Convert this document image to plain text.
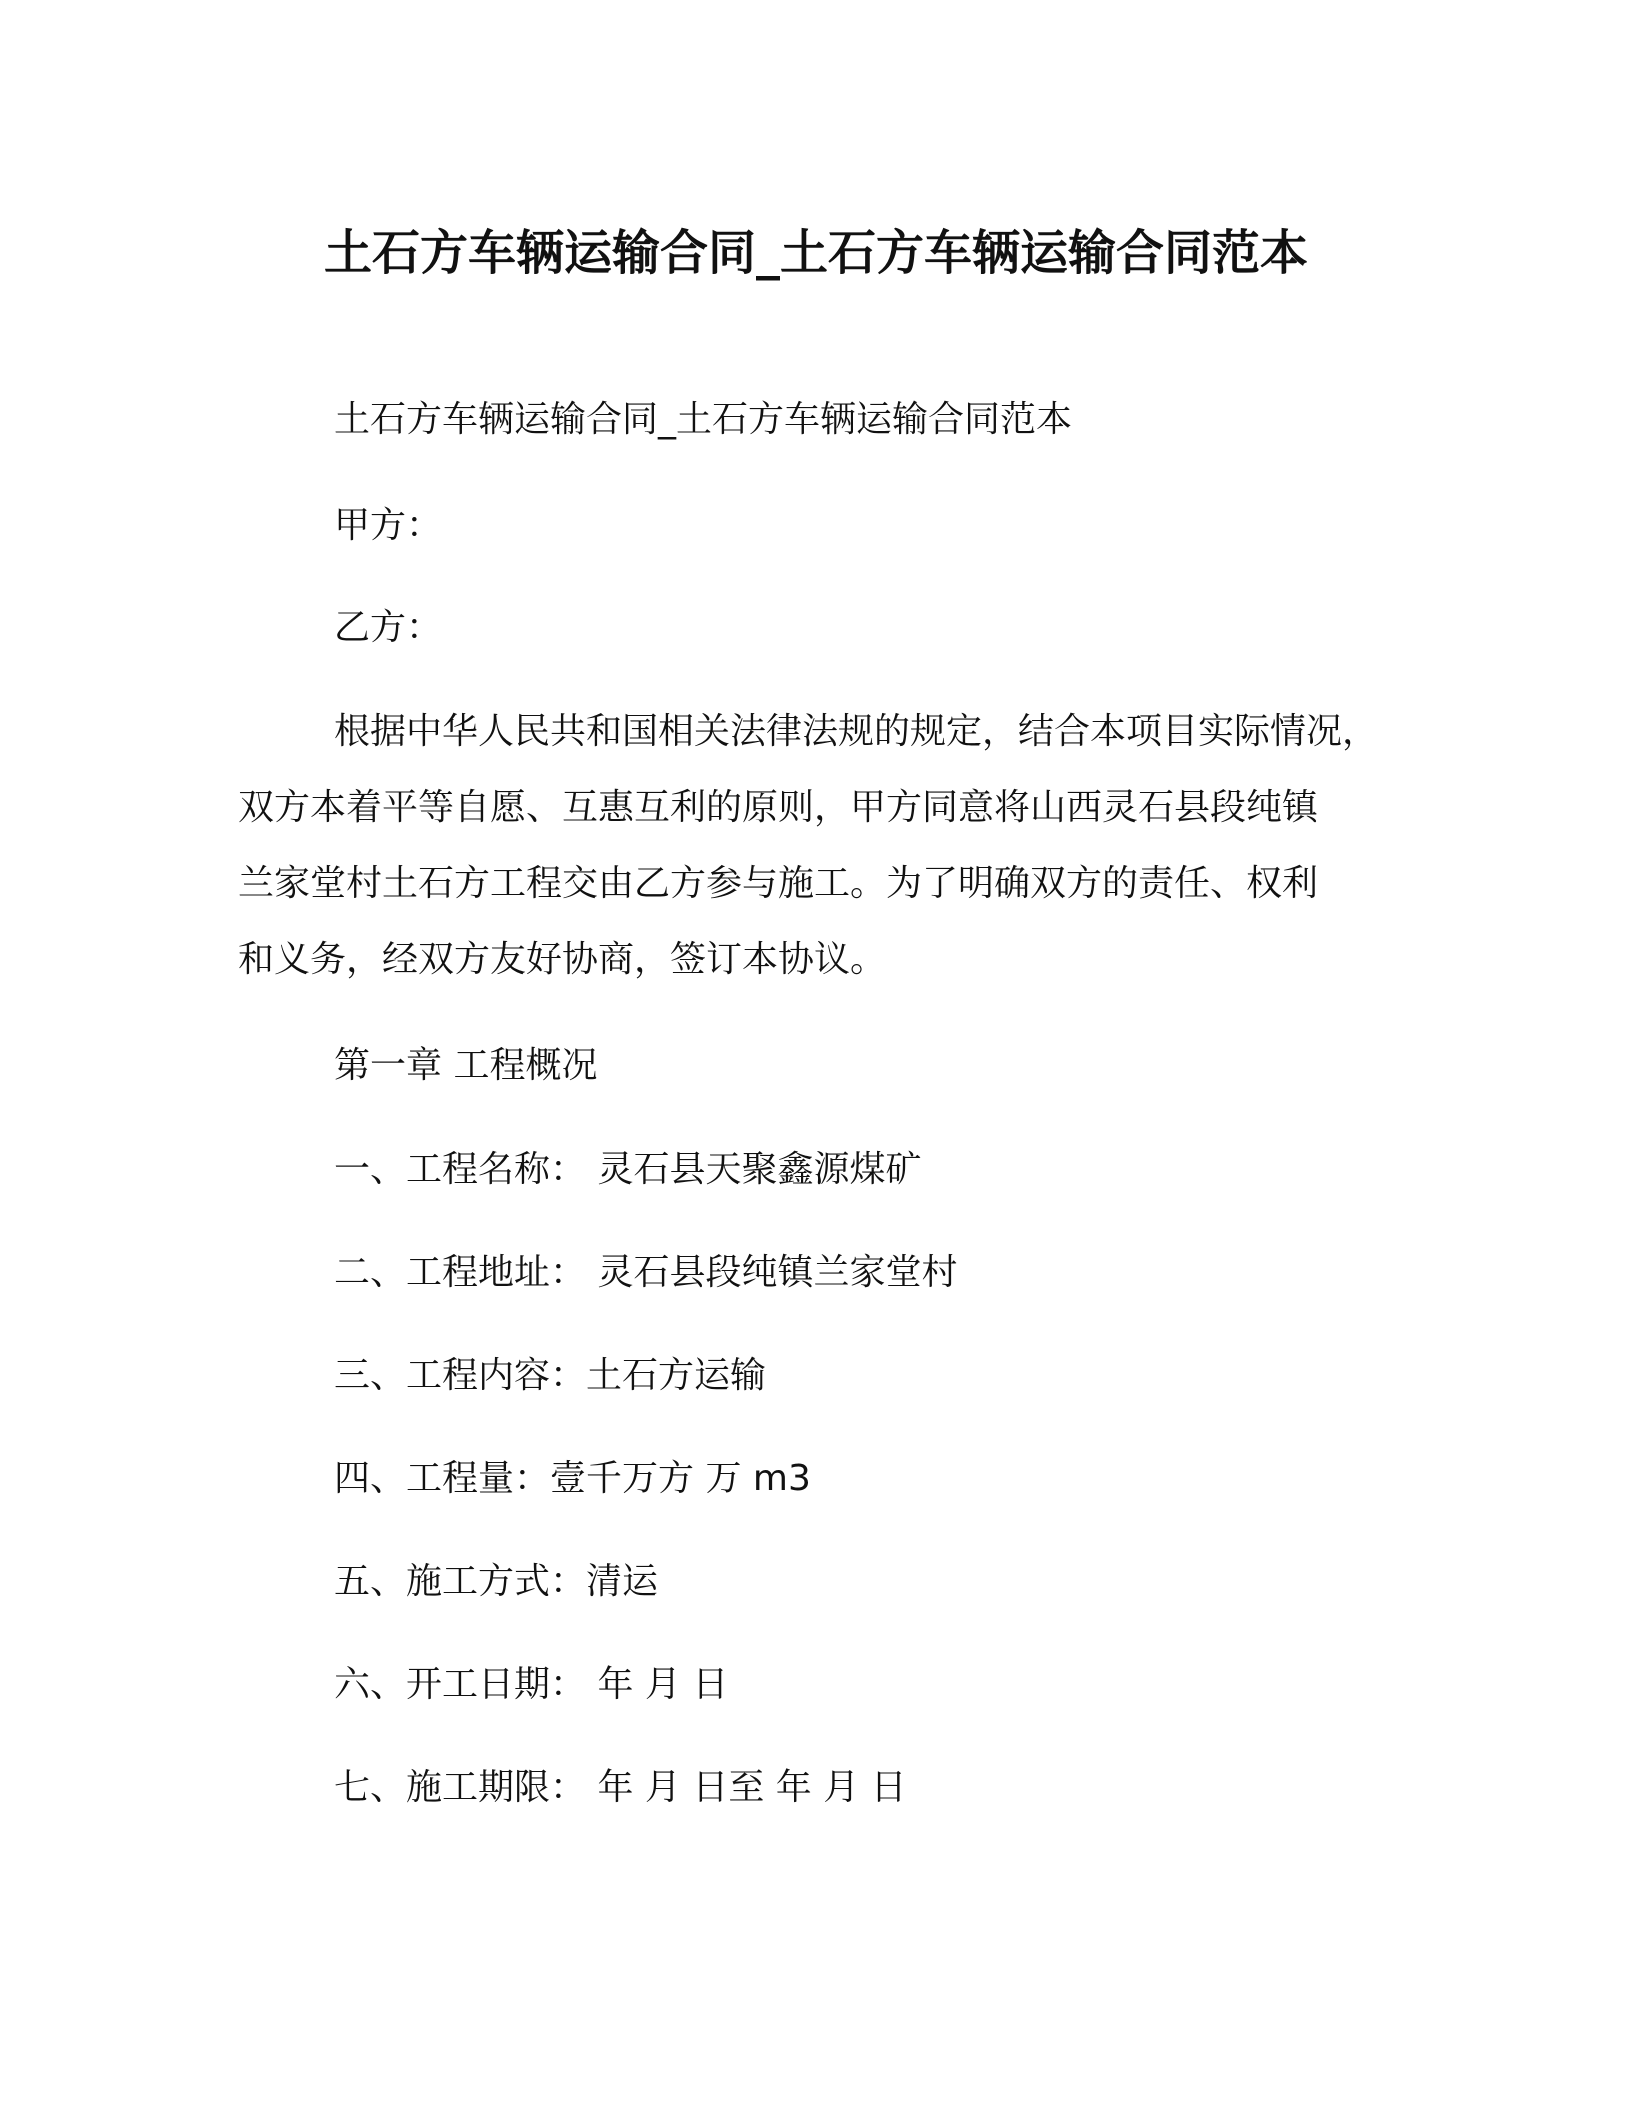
土石方车辆运输合同_土石方车辆运输合同范本
土石方车辆运输合同_土石方车辆运输合同范本
甲方：
乙方：
根据中华人民共和国相关法律法规的规定，结合本项目实际情况，
双方本着平等自愿、互惠互利的原则，甲方同意将山西灵石县段纯镇
兰家堂村土石方工程交由乙方参与施工。为了明确双方的责任、权利
和义务，经双方友好协商，签订本协议。
第一章 工程概况
一、工程名称： 灵石县天聚鑫源煤矿
二、工程地址： 灵石县段纯镇兰家堂村
三、工程内容：土石方运输
四、工程量：壹千万方 万 m3
五、施工方式：清运
六、开工日期： 年 月 日
七、施工期限： 年 月 日至 年 月 日
